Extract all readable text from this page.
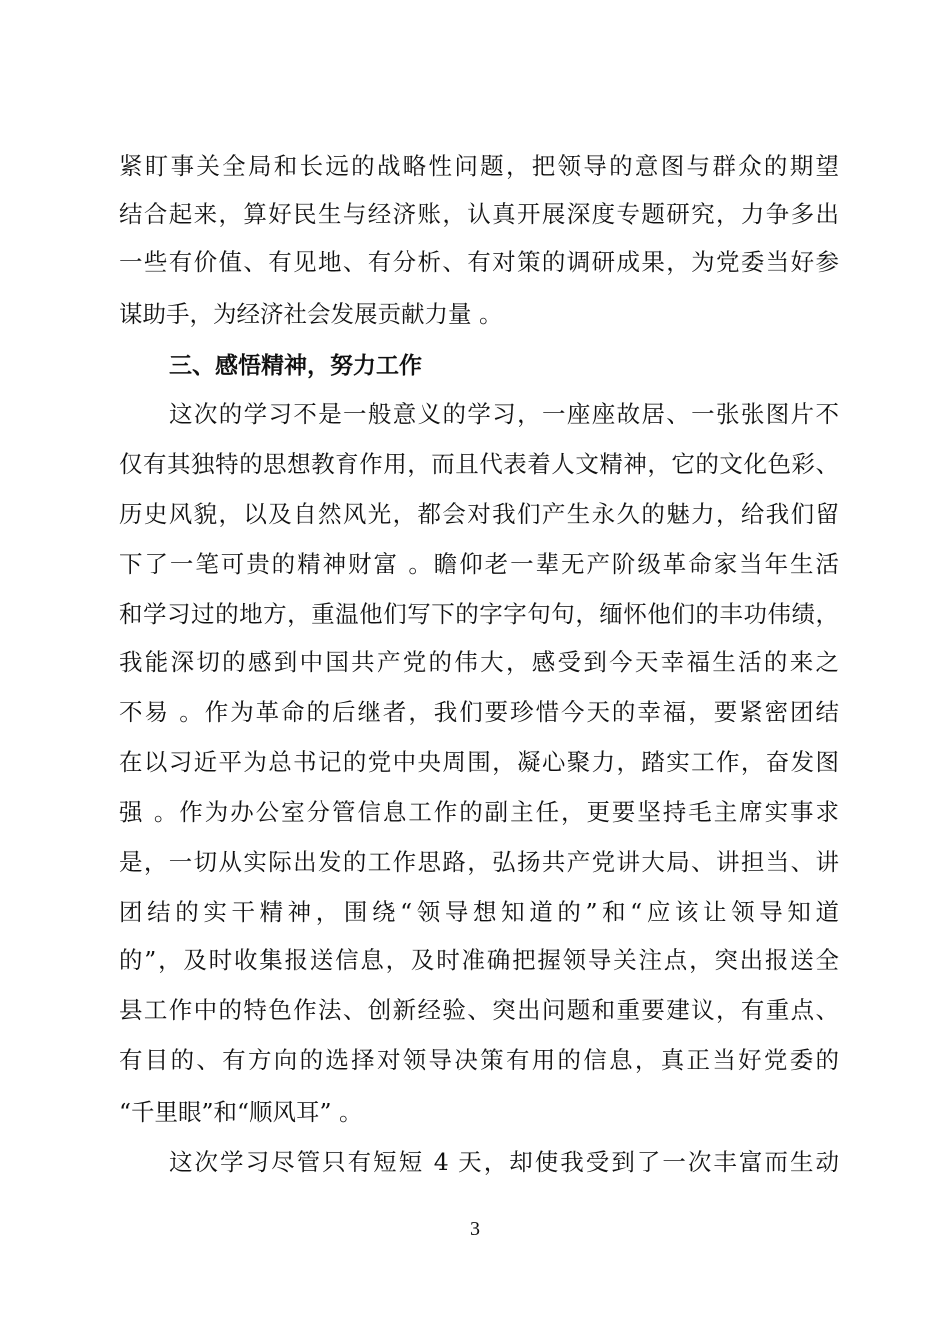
紧盯事关全局和长远的战略性问题，把领导的意图与群众的期望
结合起来，算好民生与经济账，认真开展深度专题研究，力争多出
一些有价值、有见地、有分析、有对策的调研成果，为党委当好参
谋助手，为经济社会发展贡献力量 。
三、感悟精神，努力工作
这次的学习不是一般意义的学习，一座座故居、一张张图片不
仅有其独特的思想教育作用，而且代表着人文精神，它的文化色彩、
历史风貌，以及自然风光，都会对我们产生永久的魅力，给我们留
下了一笔可贵的精神财富 。瞻仰老一辈无产阶级革命家当年生活
和学习过的地方，重温他们写下的字字句句，缅怀他们的丰功伟绩，
我能深切的感到中国共产党的伟大，感受到今天幸福生活的来之
不易 。作为革命的后继者，我们要珍惜今天的幸福，要紧密团结
在以习近平为总书记的党中央周围，凝心聚力，踏实工作，奋发图
强 。作为办公室分管信息工作的副主任，更要坚持毛主席实事求
是，一切从实际出发的工作思路，弘扬共产党讲大局、讲担当、讲
团结的实干精神，围绕“领导想知道的”和“应该让领导知道
的”，及时收集报送信息，及时准确把握领导关注点，突出报送全
县工作中的特色作法、创新经验、突出问题和重要建议，有重点、
有目的、有方向的选择对领导决策有用的信息，真正当好党委的
“千里眼”和“顺风耳” 。
这次学习尽管只有短短 4 天，却使我受到了一次丰富而生动
3
